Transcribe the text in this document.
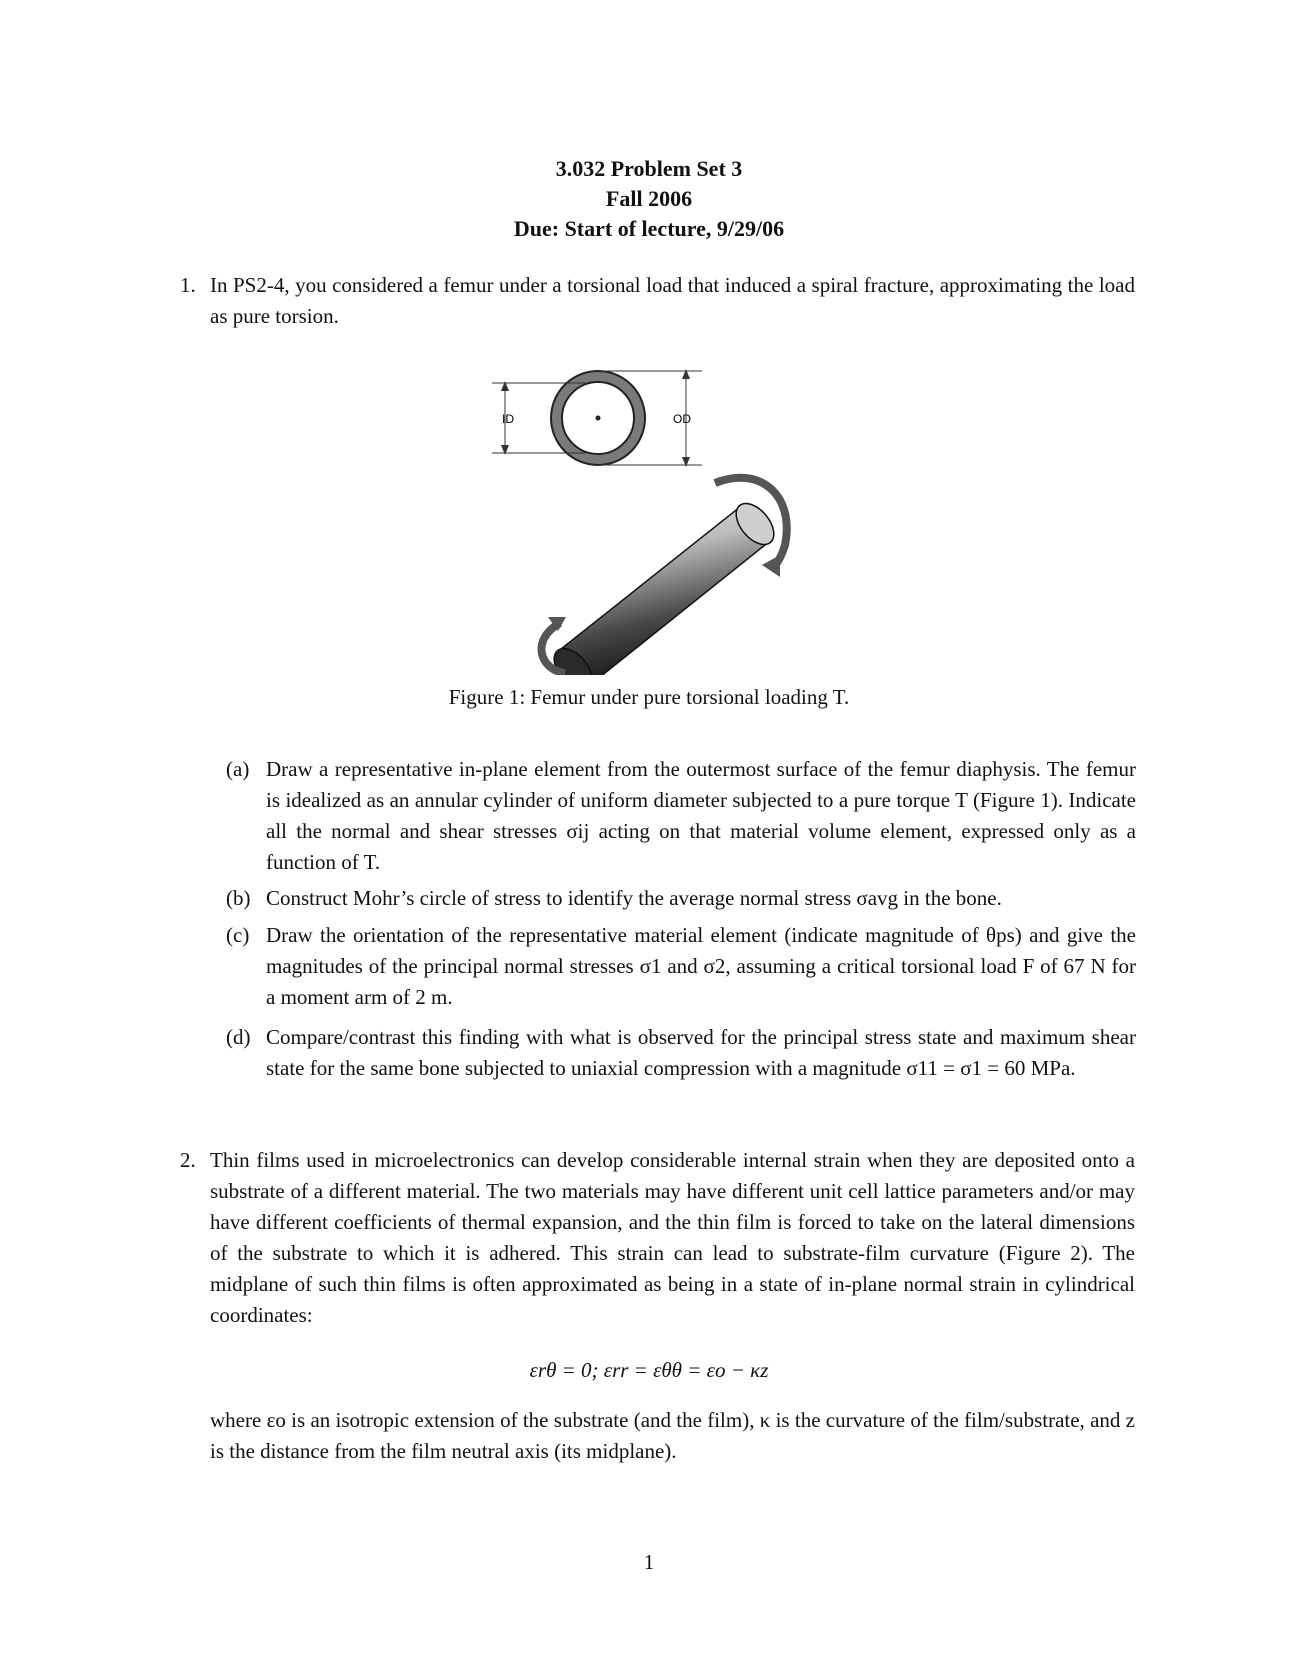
3.032 Problem Set 3
Fall 2006
Due: Start of lecture, 9/29/06
1. In PS2-4, you considered a femur under a torsional load that induced a spiral fracture, approximating the load as pure torsion.
ID	OD
Figure 1: Femur under pure torsional loading T.
(a) Draw a representative in-plane element from the outermost surface of the femur diaphysis. The femur is idealized as an annular cylinder of uniform diameter subjected to a pure torque T (Figure 1). Indicate all the normal and shear stresses σij acting on that material volume element, expressed only as a function of T.
(b) Construct Mohr’s circle of stress to identify the average normal stress σavg in the bone.
(c) Draw the orientation of the representative material element (indicate magnitude of θps) and give the magnitudes of the principal normal stresses σ1 and σ2, assuming a critical torsional load F of 67 N for a moment arm of 2 m.
(d) Compare/contrast this finding with what is observed for the principal stress state and maximum shear state for the same bone subjected to uniaxial compression with a magnitude σ11 = σ1 = 60 MPa.
2. Thin films used in microelectronics can develop considerable internal strain when they are deposited onto a substrate of a different material. The two materials may have different unit cell lattice parameters and/or may have different coefficients of thermal expansion, and the thin film is forced to take on the lateral dimensions of the substrate to which it is adhered. This strain can lead to substrate-film curvature (Figure 2). The midplane of such thin films is often approximated as being in a state of in-plane normal strain in cylindrical coordinates:
εrθ = 0; εrr = εθθ = εo − κz
where εo is an isotropic extension of the substrate (and the film), κ is the curvature of the film/substrate, and z is the distance from the film neutral axis (its midplane).
1
